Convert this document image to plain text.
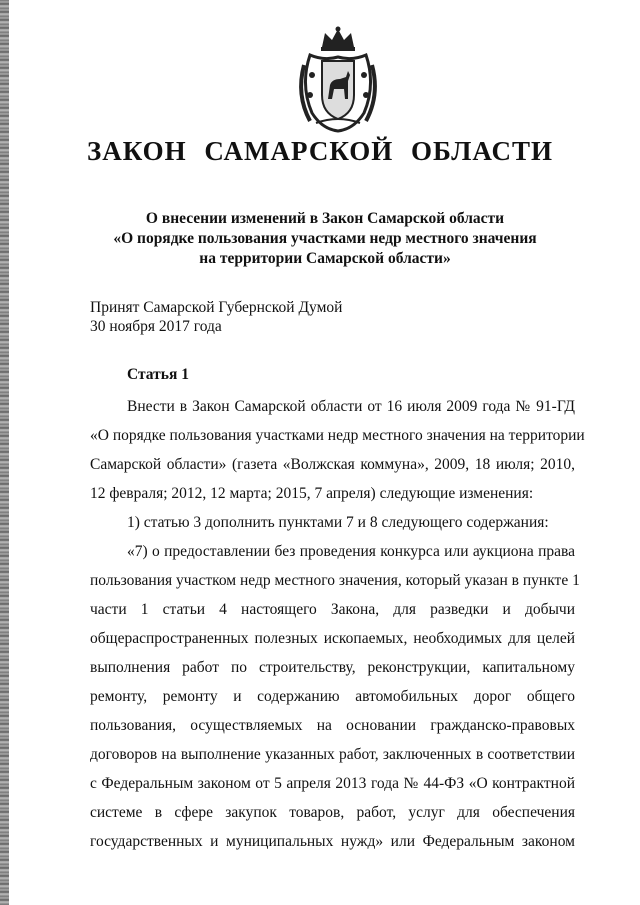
ЗАКОН САМАРСКОЙ ОБЛАСТИ
О внесении изменений в Закон Самарской области
«О порядке пользования участками недр местного значения
на территории Самарской области»
Принят Самарской Губернской Думой
30 ноября 2017 года
Статья 1
Внести в Закон Самарской области от 16 июля 2009 года № 91-ГД
«О порядке пользования участками недр местного значения на территории
Самарской области» (газета «Волжская коммуна», 2009, 18 июля; 2010,
12 февраля; 2012, 12 марта; 2015, 7 апреля) следующие изменения:
1) статью 3 дополнить пунктами 7 и 8 следующего содержания:
«7) о предоставлении без проведения конкурса или аукциона права
пользования участком недр местного значения, который указан в пункте 1
части 1 статьи 4 настоящего Закона, для разведки и добычи
общераспространенных полезных ископаемых, необходимых для целей
выполнения работ по строительству, реконструкции, капитальному
ремонту, ремонту и содержанию автомобильных дорог общего
пользования, осуществляемых на основании гражданско-правовых
договоров на выполнение указанных работ, заключенных в соответствии
с Федеральным законом от 5 апреля 2013 года № 44-ФЗ «О контрактной
системе в сфере закупок товаров, работ, услуг для обеспечения
государственных и муниципальных нужд» или Федеральным законом
